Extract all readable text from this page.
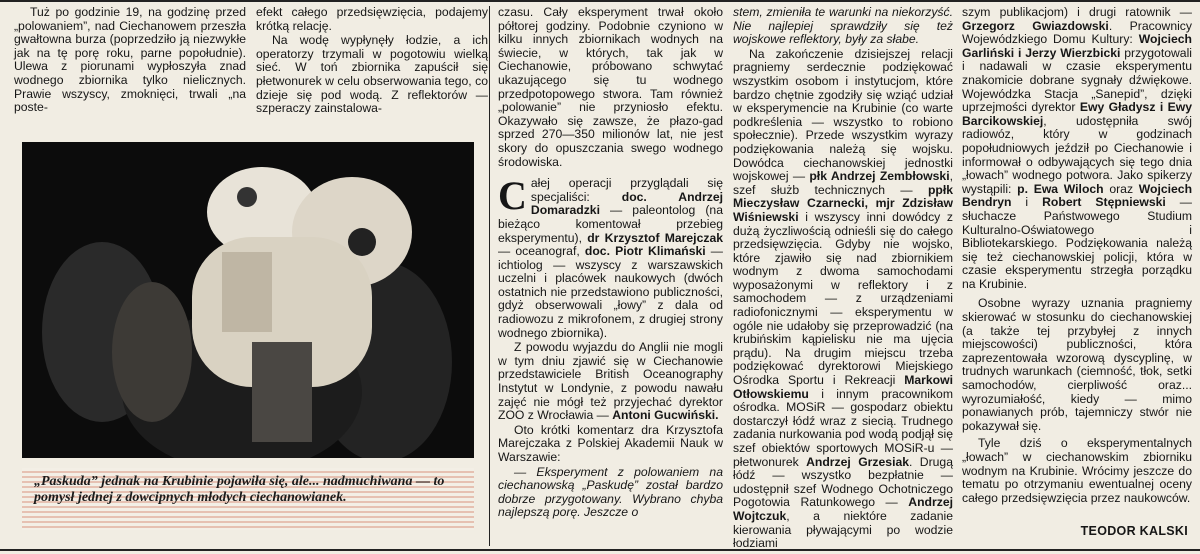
Tuż po godzinie 19, na godzinę przed „polowaniem”, nad Ciechanowem przeszła gwałtowna burza (poprzedziło ją niezwykłe jak na tę porę roku, parne popołudnie). Ulewa z piorunami wypłoszyła znad wodnego zbiornika tylko nielicznych. Prawie wszyscy, zmoknięci, trwali „na poste-

efekt całego przedsięwzięcia, podajemy krótką relację.

Na wodę wypłynęły łodzie, a ich operatorzy trzymali w pogotowiu wielką sieć. W toń zbiornika zapuścił się płetwonurek w celu obserwowania tego, co dzieje się pod wodą. Z reflektorów — szperaczy zainstalowa-

„Paskuda” jednak na Krubinie pojawiła się, ale... nadmuchiwana — to pomysł jednej z dowcipnych młodych ciechanowianek.

czasu. Cały eksperyment trwał około półtorej godziny. Podobnie czyniono w kilku innych zbiornikach wodnych na świecie, w których, tak jak w Ciechanowie, próbowano schwytać ukazującego się tu wodnego przedpotopowego stwora. Tam również „polowanie” nie przyniosło efektu. Okazywało się zawsze, że płazo-gad sprzed 270—350 milionów lat, nie jest skory do opuszczania swego wodnego środowiska.

Całej operacji przyglądali się specjaliści:	doc. Andrzej Domaradzki — paleontolog (na bieżąco komentował przebieg eksperymentu), dr Krzysztof Marejczak — oceanograf, doc. Piotr Klimański — ichtiolog — wszyscy z warszawskich uczelni i placówek naukowych (dwóch ostatnich nie przedstawiono publiczności, gdyż obserwowali „łowy” z dala od radiowozu z mikrofonem, z drugiej strony wodnego zbiornika).

Z powodu wyjazdu do Anglii nie mogli w tym dniu zjawić się w Ciechanowie przedstawiciele British Oceanography Instytut w Londynie, z powodu nawału zajęć nie mógł też przyjechać dyrektor ZOO z Wrocławia — Antoni Gucwiński.

Oto krótki komentarz dra Krzysztofa Marejczaka z Polskiej Akademii Nauk w Warszawie:

— Eksperyment z polowaniem na ciechanowską „Paskudę” został bardzo dobrze przygotowany. Wybrano chyba najlepszą porę. Jeszcze o

stem, zmieniła te warunki na niekorzyść. Nie najlepiej sprawdziły się też wojskowe reflektory, były za słabe.

Na zakończenie dzisiejszej relacji pragniemy serdecznie podziękować wszystkim osobom i instytucjom, które bardzo chętnie zgodziły się wziąć udział w eksperymencie na Krubinie (co warte podkreślenia — wszystko to robiono społecznie). Przede wszystkim wyrazy podziękowania należą się wojsku. Dowódca ciechanowskiej jednostki wojskowej — płk Andrzej Zembłowski, szef służb technicznych — ppłk Mieczysław Czarnecki, mjr Zdzisław Wiśniewski i wszyscy inni dowódcy z dużą życzliwością odnieśli się do całego przedsięwzięcia. Gdyby nie wojsko, które zjawiło się nad zbiornikiem wodnym z dwoma samochodami wyposażonymi w reflektory i z samochodem — z urządzeniami radiofonicznymi — eksperymentu w ogóle nie udałoby się przeprowadzić (na krubińskim kąpielisku nie ma ujęcia prądu). Na drugim miejscu trzeba podziękować dyrektorowi Miejskiego Ośrodka Sportu i Rekreacji Markowi Otłowskiemu i innym pracownikom ośrodka. MOSiR — gospodarz obiektu dostarczył łódź wraz z siecią. Trudnego zadania nurkowania pod wodą podjął się szef obiektów sportowych MOSiR-u — płetwonurek Andrzej Grzesiak. Drugą łódź — wszystko bezpłatnie — udostępnił szef Wodnego Ochotniczego Pogotowia Ratunkowego — Andrzej Wojtczuk, a niektóre zadanie kierowania pływającymi po wodzie łodziami

szym publikacjom) i drugi ratownik — Grzegorz Gwiazdowski. Pracownicy Wojewódzkiego Domu Kultury: Wojciech Garliński i Jerzy Wierzbicki przygotowali i nadawali w czasie eksperymentu znakomicie dobrane sygnały dźwiękowe. Wojewódzka Stacja „Sanepid”, dzięki uprzejmości dyrektor Ewy Gładysz i Ewy Barcikowskiej, udostępniła swój radiowóz, który w godzinach popołudniowych jeździł po Ciechanowie i informował o odbywających się tego dnia „łowach” wodnego potwora. Jako spikerzy wystąpili: p. Ewa Wiloch oraz Wojciech Bendryn i Robert Stępniewski — słuchacze Państwowego Studium Kulturalno-Oświatowego i Bibliotekarskiego. Podziękowania należą się też ciechanowskiej policji, która w czasie eksperymentu strzegła porządku na Krubinie.

Osobne wyrazy uznania pragniemy skierować w stosunku do ciechanowskiej (a także tej przybyłej z innych miejscowości) publiczności, która zaprezentowała wzorową dyscyplinę, w trudnych warunkach (ciemność, tłok, setki samochodów, cierpliwość oraz... wyrozumiałość, kiedy — mimo ponawianych prób, tajemniczy stwór nie pokazywał się.

Tyle dziś o eksperymentalnych „łowach” w ciechanowskim zbiorniku wodnym na Krubinie. Wrócimy jeszcze do tematu po otrzymaniu ewentualnej oceny całego przedsięwzięcia przez naukowców.

TEODOR KALSKI
